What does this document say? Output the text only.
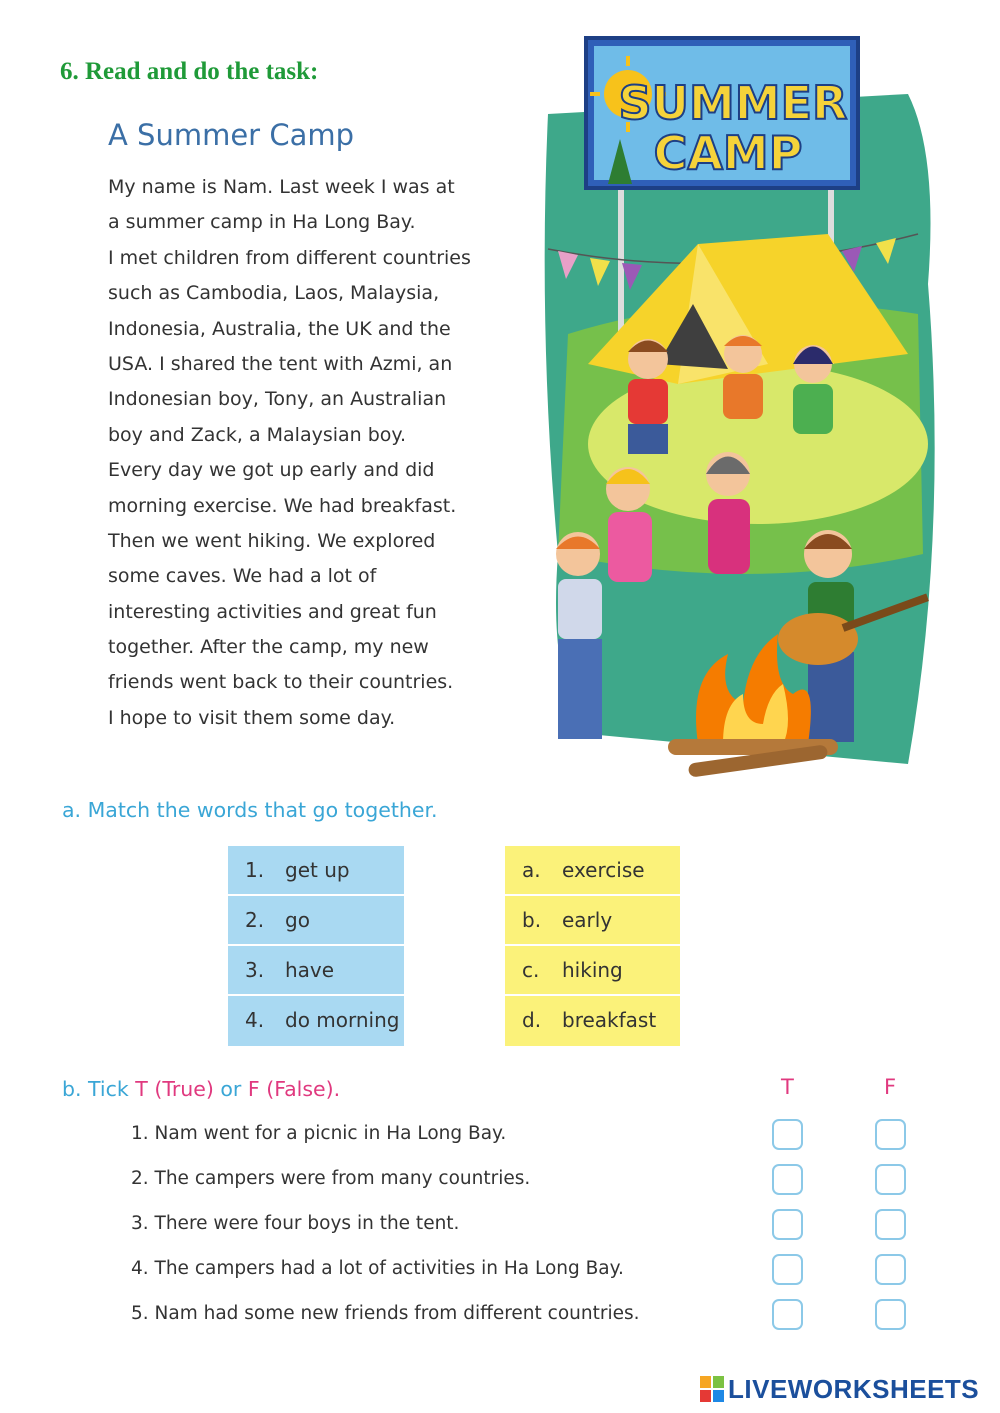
6. Read and do the task:
A Summer Camp
My name is Nam. Last week I was at
a summer camp in Ha Long Bay.
I met children from different countries
such as Cambodia, Laos, Malaysia,
Indonesia, Australia, the UK and the
USA. I shared the tent with Azmi, an
Indonesian boy, Tony, an Australian
boy and Zack, a Malaysian boy.
Every day we got up early and did
morning exercise. We had breakfast.
Then we went hiking. We explored
some caves. We had a lot of
interesting activities and great fun
together. After the camp, my new
friends went back to their countries.
I hope to visit them some day.
SUMMER
CAMP
a. Match the words that go together.
1. get up
2. go
3. have
4. do morning
a. exercise
b. early
c. hiking
d. breakfast
b. Tick T (True) or F (False).	T	F
1. Nam went for a picnic in Ha Long Bay.
2. The campers were from many countries.
3. There were four boys in the tent.
4. The campers had a lot of activities in Ha Long Bay.
5. Nam had some new friends from different countries.
LIVEWORKSHEETS
